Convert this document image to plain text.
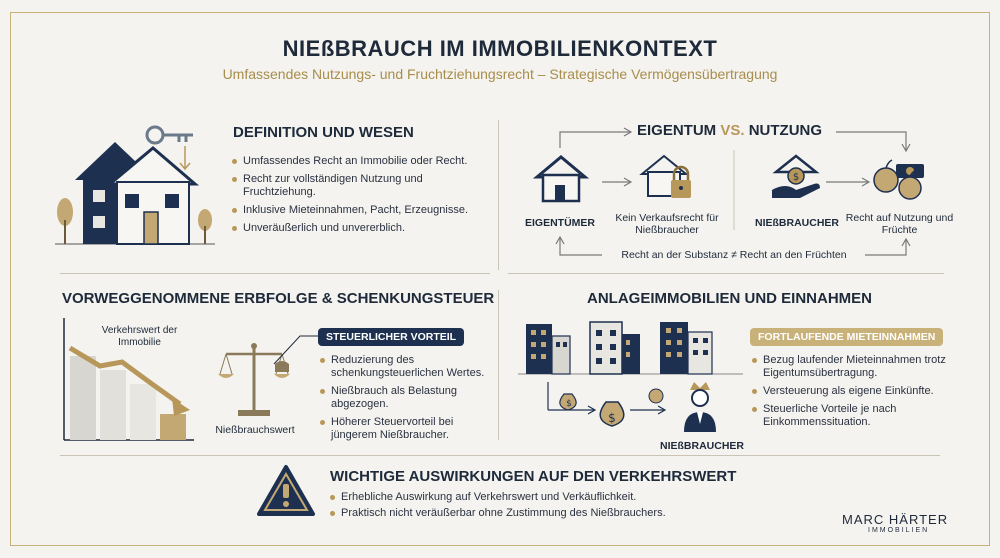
NIEßBRAUCH IM IMMOBILIENKONTEXT
Umfassendes Nutzungs- und Fruchtziehungsrecht – Strategische Vermögensübertragung
DEFINITION UND WESEN
Umfassendes Recht an Immobilie oder Recht.
Recht zur vollständigen Nutzung und Fruchtziehung.
Inklusive Mieteinnahmen, Pacht, Erzeugnisse.
Unveräußerlich und unvererblich.
EIGENTUM VS. NUTZUNG
EIGENTÜMER	Kein Verkaufsrecht für Nießbraucher
$
NIEßBRAUCHER Recht auf Nutzung und Früchte
Recht an der Substanz ≠ Recht an den Früchten
VORWEGGENOMMENE ERBFOLGE & SCHENKUNGSTEUER
Verkehrswert der Immobilie
Nießbrauchswert
STEUERLICHER VORTEIL
Reduzierung des schenkungsteuerlichen Wertes.
Nießbrauch als Belastung abgezogen.
Höherer Steuervorteil bei jüngerem Nießbraucher.
ANLAGEIMMOBILIEN UND EINNAHMEN
$
$
NIEßBRAUCHER
FORTLAUFENDE MIETEINNAHMEN
Bezug laufender Mieteinnahmen trotz Eigentumsübertragung.
Versteuerung als eigene Einkünfte.
Steuerliche Vorteile je nach Einkommenssituation.
WICHTIGE AUSWIRKUNGEN AUF DEN VERKEHRSWERT
Erhebliche Auswirkung auf Verkehrswert und Verkäuflichkeit.
Praktisch nicht veräußerbar ohne Zustimmung des Nießbrauchers.	MARC HÄRTER
IMMOBILIEN
